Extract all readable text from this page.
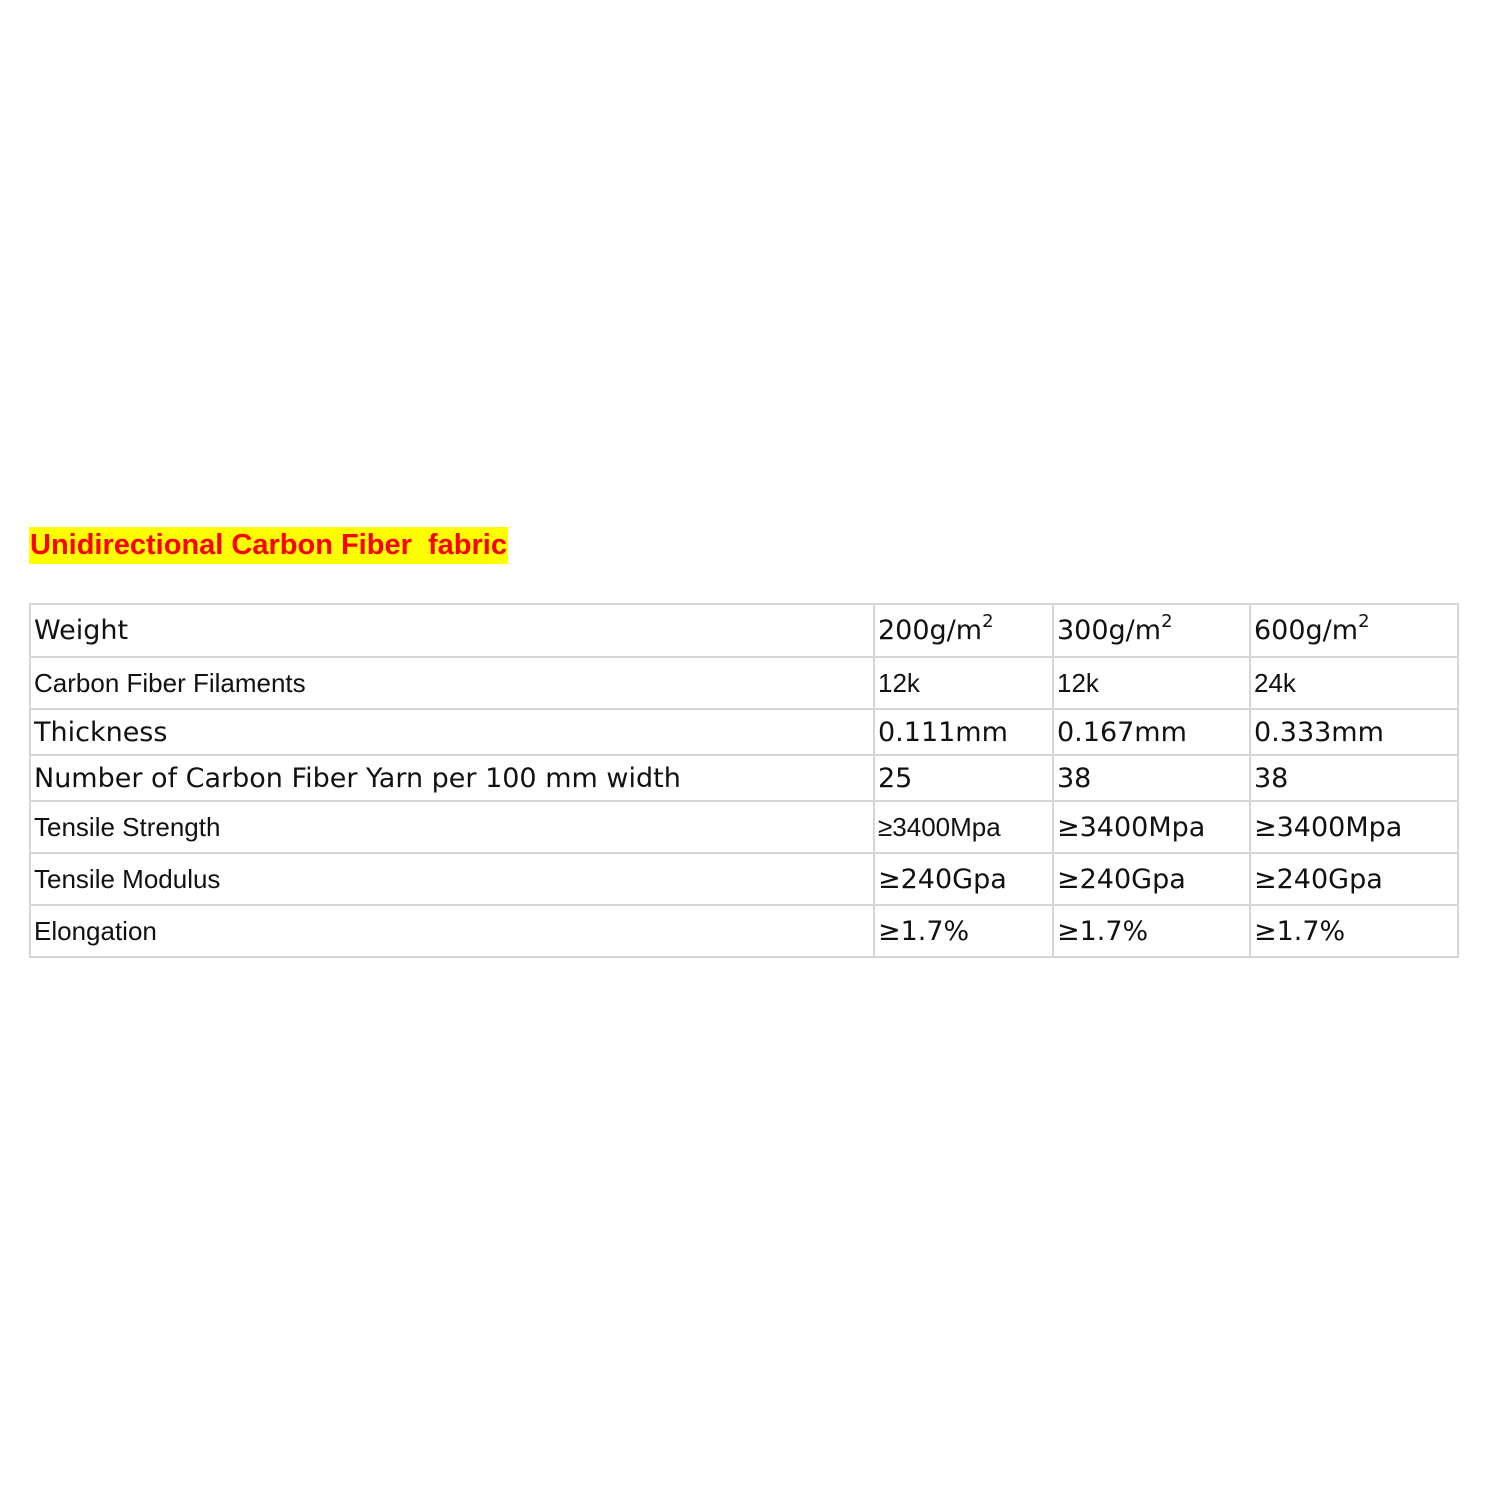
Unidirectional Carbon Fiber  fabric
Weight	$200g/m^2$	$300g/m^2$	$600g/m^2$
Carbon Fiber Filaments	12k	12k	24k
Thickness	0.111mm	0.167mm	0.333mm
Number of Carbon Fiber Yarn per 100 mm width	25	38	38
Tensile Strength	≥3400Mpa	≥3400Mpa	≥3400Mpa
Tensile Modulus	≥240Gpa	≥240Gpa	≥240Gpa
Elongation	≥1.7%	≥1.7%	≥1.7%
